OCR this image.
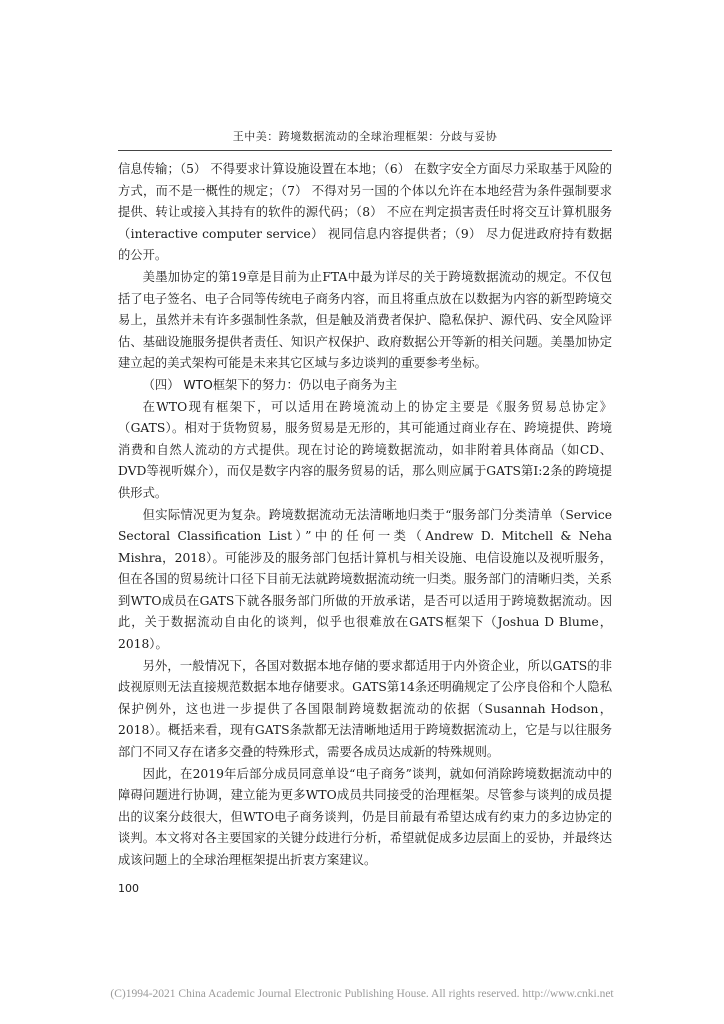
王中美：跨境数据流动的全球治理框架：分歧与妥协

信息传输；（5） 不得要求计算设施设置在本地；（6） 在数字安全方面尽力采取基于风险的方式，而不是一概性的规定；（7） 不得对另一国的个体以允许在本地经营为条件强制要求提供、转让或接入其持有的软件的源代码；（8） 不应在判定损害责任时将交互计算机服务（interactive computer service） 视同信息内容提供者；（9） 尽力促进政府持有数据的公开。

美墨加协定的第19章是目前为止FTA中最为详尽的关于跨境数据流动的规定。不仅包括了电子签名、电子合同等传统电子商务内容，而且将重点放在以数据为内容的新型跨境交易上，虽然并未有许多强制性条款，但是触及消费者保护、隐私保护、源代码、安全风险评估、基础设施服务提供者责任、知识产权保护、政府数据公开等新的相关问题。美墨加协定建立起的美式架构可能是未来其它区域与多边谈判的重要参考坐标。

（四） WTO框架下的努力：仍以电子商务为主

在WTO现有框架下，可以适用在跨境流动上的协定主要是《服务贸易总协定》（GATS）。相对于货物贸易，服务贸易是无形的，其可能通过商业存在、跨境提供、跨境消费和自然人流动的方式提供。现在讨论的跨境数据流动，如非附着具体商品（如CD、DVD等视听媒介），而仅是数字内容的服务贸易的话，那么则应属于GATS第I:2条的跨境提供形式。

但实际情况更为复杂。跨境数据流动无法清晰地归类于“服务部门分类清单（Service Sectoral Classification List）”中的任何一类（Andrew D. Mitchell & Neha Mishra，2018）。可能涉及的服务部门包括计算机与相关设施、电信设施以及视听服务，但在各国的贸易统计口径下目前无法就跨境数据流动统一归类。服务部门的清晰归类，关系到WTO成员在GATS下就各服务部门所做的开放承诺，是否可以适用于跨境数据流动。因此，关于数据流动自由化的谈判，似乎也很难放在GATS框架下（Joshua D Blume，2018）。

另外，一般情况下，各国对数据本地存储的要求都适用于内外资企业，所以GATS的非歧视原则无法直接规范数据本地存储要求。GATS第14条还明确规定了公序良俗和个人隐私保护例外，这也进一步提供了各国限制跨境数据流动的依据（Susannah Hodson，2018）。概括来看，现有GATS条款都无法清晰地适用于跨境数据流动上，它是与以往服务部门不同又存在诸多交叠的特殊形式，需要各成员达成新的特殊规则。

因此，在2019年后部分成员同意单设“电子商务”谈判，就如何消除跨境数据流动中的障碍问题进行协调，建立能为更多WTO成员共同接受的治理框架。尽管参与谈判的成员提出的议案分歧很大，但WTO电子商务谈判，仍是目前最有希望达成有约束力的多边协定的谈判。本文将对各主要国家的关键分歧进行分析，希望就促成多边层面上的妥协，并最终达成该问题上的全球治理框架提出折衷方案建议。

100
(C)1994-2021 China Academic Journal Electronic Publishing House. All rights reserved. http://www.cnki.net
